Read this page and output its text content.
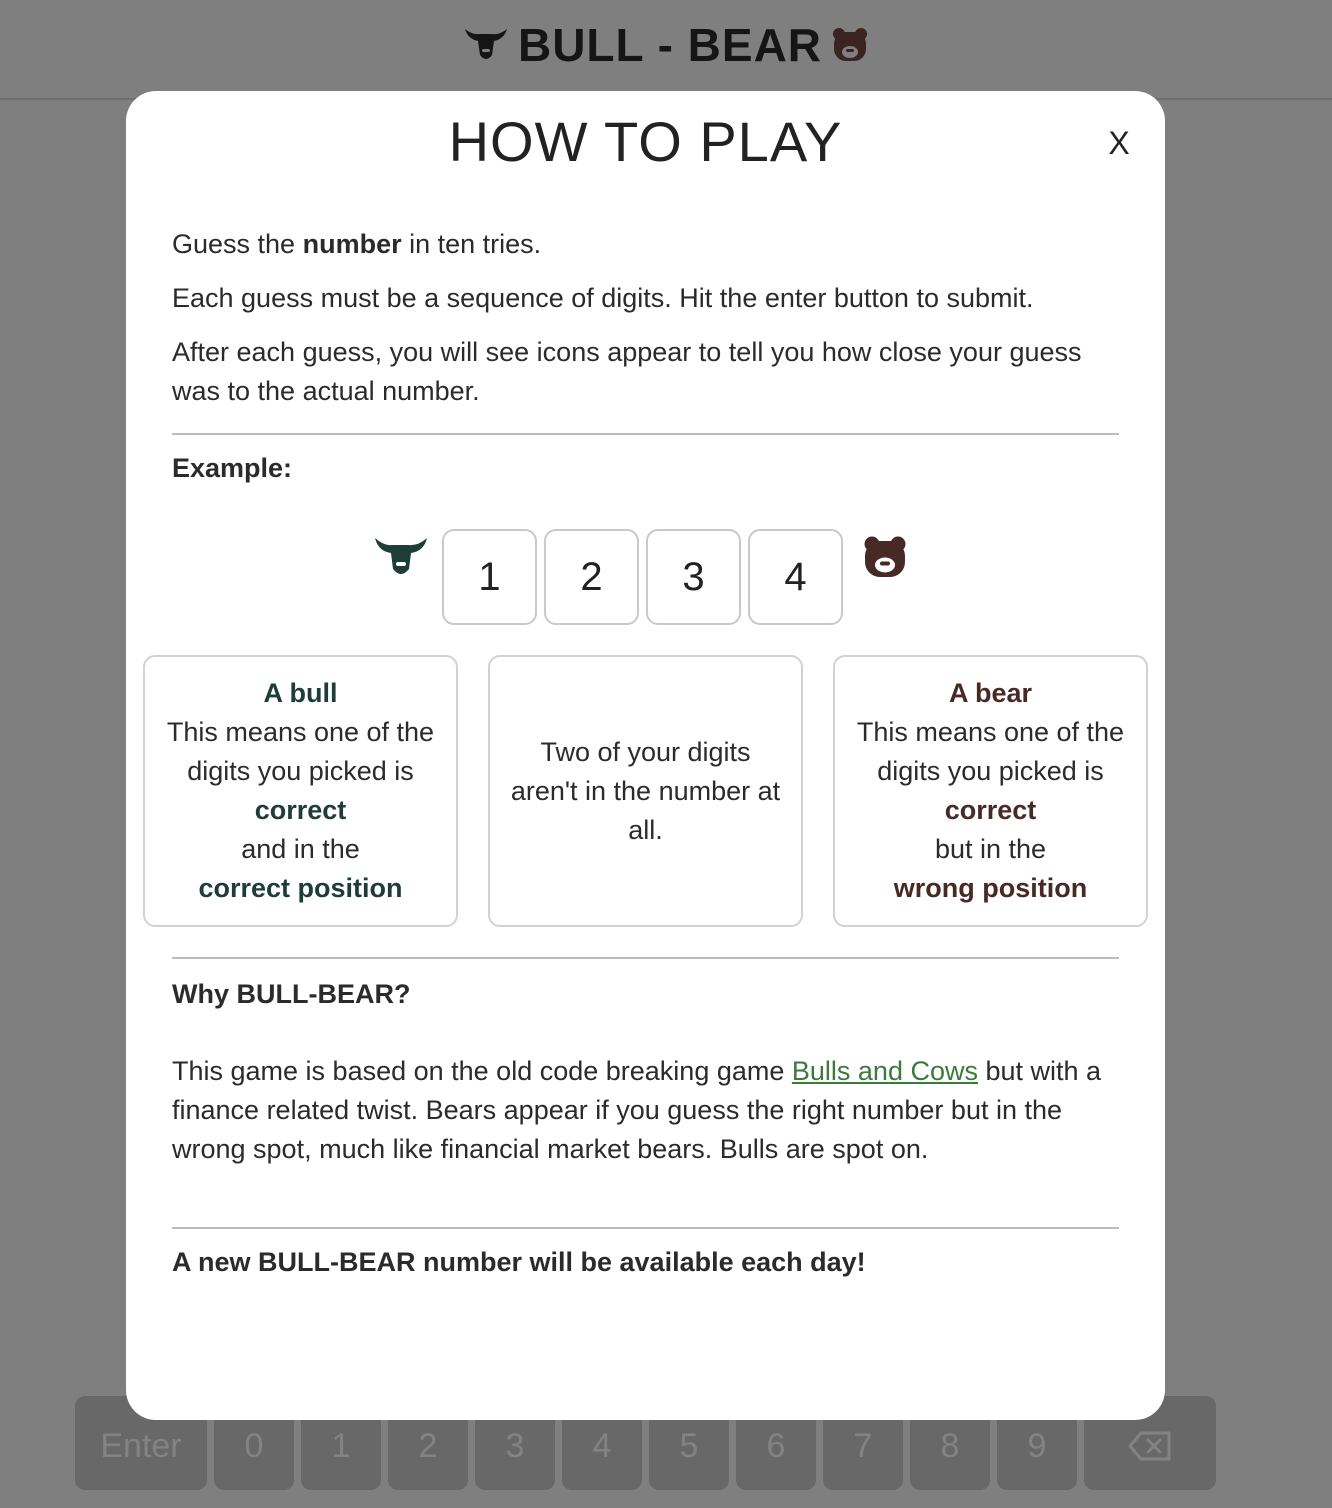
BULL - BEAR
Enter	0	1	2	3	4	5	6	7	8	9
HOW TO PLAY	X

Guess the number in ten tries.

Each guess must be a sequence of digits. Hit the enter button to submit.

After each guess, you will see icons appear to tell you how close your guess was to the actual number.

Example:

1	2	3	4
A bull
This means one of the digits you picked is
correct
and in the
correct position
Two of your digits aren't in the number at all.
A bear
This means one of the digits you picked is
correct
but in the
wrong position

Why BULL-BEAR?

This game is based on the old code breaking game Bulls and Cows but with a finance related twist. Bears appear if you guess the right number but in the wrong spot, much like financial market bears. Bulls are spot on.

A new BULL-BEAR number will be available each day!
